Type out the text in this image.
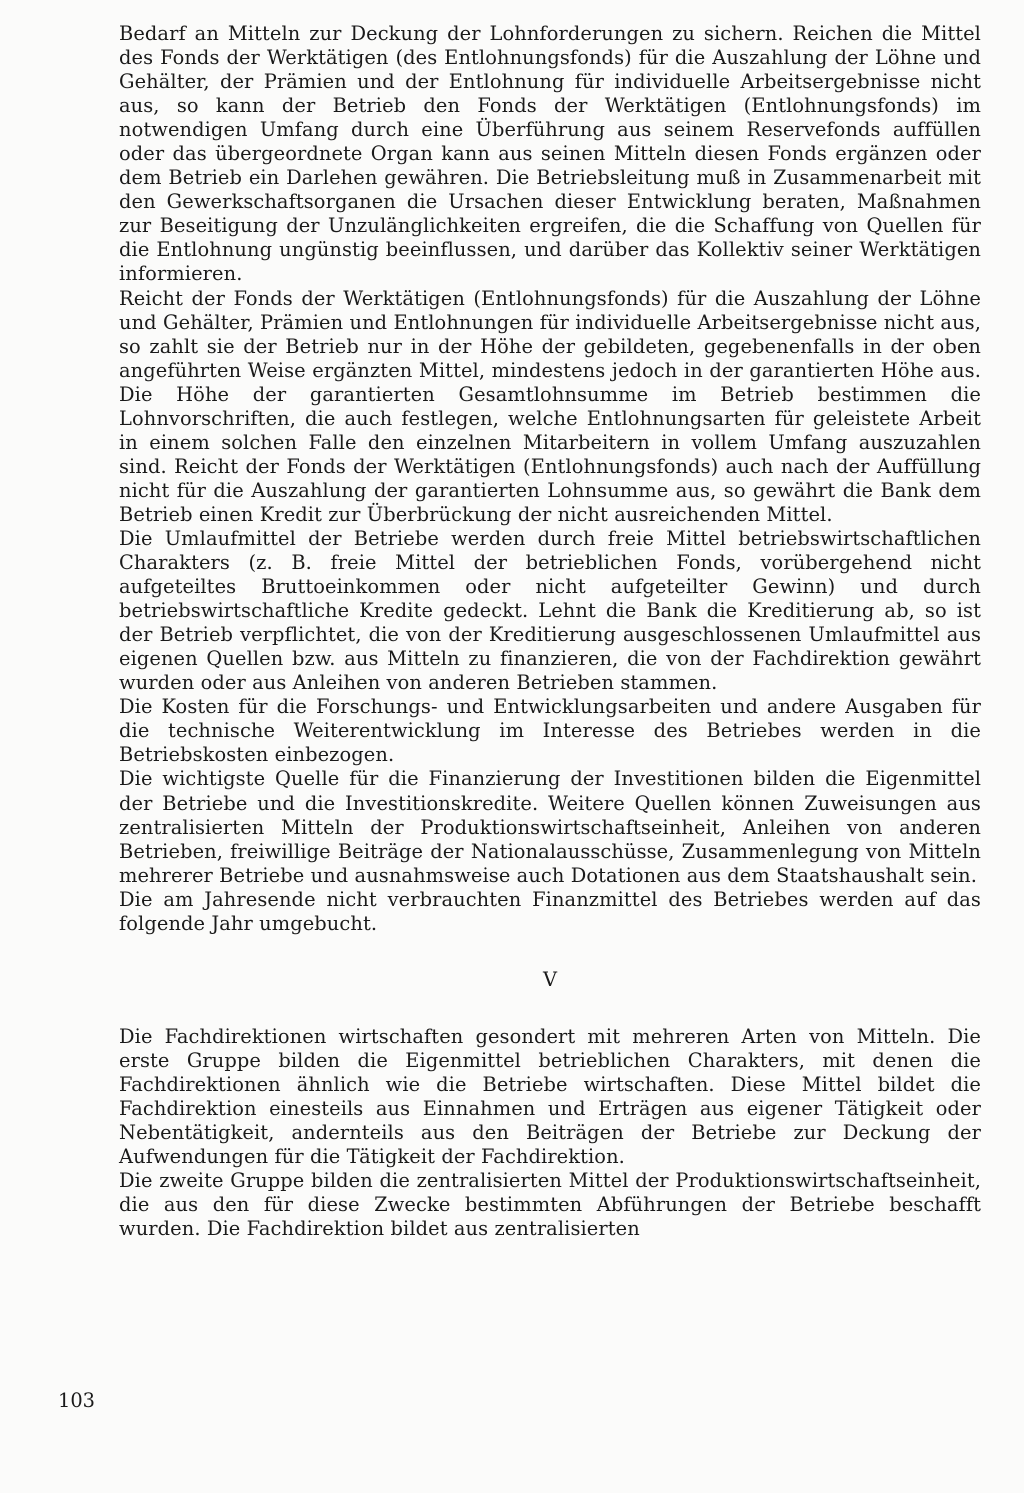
Bedarf an Mitteln zur Deckung der Lohnforderungen zu sichern. Reichen die Mittel des Fonds der Werktätigen (des Entlohnungsfonds) für die Auszahlung der Löhne und Gehälter, der Prämien und der Entlohnung für individuelle Arbeitsergebnisse nicht aus, so kann der Betrieb den Fonds der Werktätigen (Entlohnungsfonds) im notwendigen Umfang durch eine Überführung aus seinem Reservefonds auffüllen oder das übergeordnete Organ kann aus seinen Mitteln diesen Fonds ergänzen oder dem Betrieb ein Darlehen gewähren. Die Betriebsleitung muß in Zusammenarbeit mit den Gewerkschaftsorganen die Ursachen dieser Entwicklung beraten, Maßnahmen zur Beseitigung der Unzulänglichkeiten ergreifen, die die Schaffung von Quellen für die Entlohnung ungünstig beeinflussen, und darüber das Kollektiv seiner Werktätigen informieren.

Reicht der Fonds der Werktätigen (Entlohnungsfonds) für die Auszahlung der Löhne und Gehälter, Prämien und Entlohnungen für individuelle Arbeitsergebnisse nicht aus, so zahlt sie der Betrieb nur in der Höhe der gebildeten, gegebenenfalls in der oben angeführten Weise ergänzten Mittel, mindestens jedoch in der garantierten Höhe aus. Die Höhe der garantierten Gesamtlohnsumme im Betrieb bestimmen die Lohnvorschriften, die auch festlegen, welche Entlohnungsarten für geleistete Arbeit in einem solchen Falle den einzelnen Mitarbeitern in vollem Umfang auszuzahlen sind. Reicht der Fonds der Werktätigen (Entlohnungsfonds) auch nach der Auffüllung nicht für die Auszahlung der garantierten Lohnsumme aus, so gewährt die Bank dem Betrieb einen Kredit zur Überbrückung der nicht ausreichenden Mittel.

Die Umlaufmittel der Betriebe werden durch freie Mittel betriebswirtschaftlichen Charakters (z. B. freie Mittel der betrieblichen Fonds, vorübergehend nicht aufgeteiltes Bruttoeinkommen oder nicht aufgeteilter Gewinn) und durch betriebswirtschaftliche Kredite gedeckt. Lehnt die Bank die Kreditierung ab, so ist der Betrieb verpflichtet, die von der Kreditierung ausgeschlossenen Umlaufmittel aus eigenen Quellen bzw. aus Mitteln zu finanzieren, die von der Fachdirektion gewährt wurden oder aus Anleihen von anderen Betrieben stammen.

Die Kosten für die Forschungs- und Entwicklungsarbeiten und andere Ausgaben für die technische Weiterentwicklung im Interesse des Betriebes werden in die Betriebskosten einbezogen.

Die wichtigste Quelle für die Finanzierung der Investitionen bilden die Eigenmittel der Betriebe und die Investitionskredite. Weitere Quellen können Zuweisungen aus zentralisierten Mitteln der Produktionswirtschaftseinheit, Anleihen von anderen Betrieben, freiwillige Beiträge der Nationalausschüsse, Zusammenlegung von Mitteln mehrerer Betriebe und ausnahmsweise auch Dotationen aus dem Staatshaushalt sein.

Die am Jahresende nicht verbrauchten Finanzmittel des Betriebes werden auf das folgende Jahr umgebucht.

V

Die Fachdirektionen wirtschaften gesondert mit mehreren Arten von Mitteln. Die erste Gruppe bilden die Eigenmittel betrieblichen Charakters, mit denen die Fachdirektionen ähnlich wie die Betriebe wirtschaften. Diese Mittel bildet die Fachdirektion einesteils aus Einnahmen und Erträgen aus eigener Tätigkeit oder Nebentätigkeit, andernteils aus den Beiträgen der Betriebe zur Deckung der Aufwendungen für die Tätigkeit der Fachdirektion.

Die zweite Gruppe bilden die zentralisierten Mittel der Produktionswirtschaftseinheit, die aus den für diese Zwecke bestimmten Abführungen der Betriebe beschafft wurden. Die Fachdirektion bildet aus zentralisierten

103
